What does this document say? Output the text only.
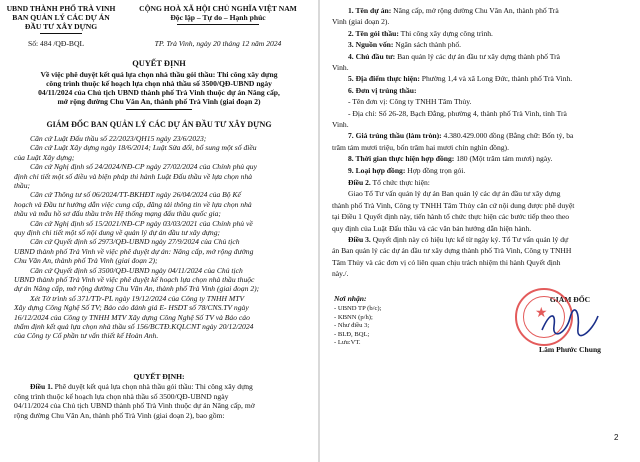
UBND THÀNH PHỐ TRÀ VINH
BAN QUẢN LÝ CÁC DỰ ÁN
ĐẦU TƯ XÂY DỰNG
Số: 484 /QĐ-BQL
CỘNG HOÀ XÃ HỘI CHỦ NGHĨA VIỆT NAM
Độc lập – Tự do – Hạnh phúc
TP. Trà Vinh, ngày 20 tháng 12 năm 2024
QUYẾT ĐỊNH
Về việc phê duyệt kết quả lựa chọn nhà thầu gói thầu: Thi công xây dựng
công trình thuộc kế hoạch lựa chọn nhà thầu số 3500/QĐ-UBND ngày
04/11/2024 của Chủ tịch UBND thành phố Trà Vinh thuộc dự án Nâng cấp,
mở rộng đường Chu Văn An, thành phố Trà Vinh (giai đoạn 2)
GIÁM ĐỐC BAN QUẢN LÝ CÁC DỰ ÁN ĐẦU TƯ XÂY DỰNG
Căn cứ Luật Đấu thầu số 22/2023/QH15 ngày 23/6/2023;
Căn cứ Luật Xây dựng ngày 18/6/2014; Luật Sửa đổi, bổ sung một số điều
của Luật Xây dựng;
Căn cứ Nghị định số 24/2024/NĐ-CP ngày 27/02/2024 của Chính phủ quy
định chi tiết một số điều và biện pháp thi hành Luật Đấu thầu về lựa chọn nhà
thầu;
Căn cứ Thông tư số 06/2024/TT-BKHĐT ngày 26/04/2024 của Bộ Kế
hoạch và Đầu tư hướng dẫn việc cung cấp, đăng tải thông tin về lựa chọn nhà
thầu và mẫu hồ sơ đấu thầu trên Hệ thống mạng đấu thầu quốc gia;
Căn cứ Nghị định số 15/2021/NĐ-CP ngày 03/03/2021 của Chính phủ về
quy định chi tiết một số nội dung về quản lý dự án đầu tư xây dựng;
Căn cứ Quyết định số 2973/QĐ-UBND ngày 27/9/2024 của Chủ tịch
UBND thành phố Trà Vinh về việc phê duyệt dự án: Nâng cấp, mở rộng đường
Chu Văn An, thành phố Trà Vinh (giai đoạn 2);
Căn cứ Quyết định số 3500/QĐ-UBND ngày 04/11/2024 của Chủ tịch
UBND thành phố Trà Vinh về việc phê duyệt kế hoạch lựa chọn nhà thầu thuộc
dự án Nâng cấp, mở rộng đường Chu Văn An, thành phố Trà Vinh (giai đoạn 2);
Xét Tờ trình số 371/TTr-PL ngày 19/12/2024 của Công ty TNHH MTV
Xây dựng Công Nghệ Số TV; Báo cáo đánh giá E- HSDT số 78/CNS.TV ngày
16/12/2024 của Công ty TNHH MTV Xây dựng Công Nghệ Số TV và Báo cáo
thẩm định kết quả lựa chọn nhà thầu số 156/BCTĐ.KQLCNT ngày 20/12/2024
của Công ty Cổ phần tư vấn thiết kế Hoàn Anh.
QUYẾT ĐỊNH:
Điều 1. Phê duyệt kết quả lựa chọn nhà thầu gói thầu: Thi công xây dựng
công trình thuộc kế hoạch lựa chọn nhà thầu số 3500/QĐ-UBND ngày
04/11/2024 của Chủ tịch UBND thành phố Trà Vinh thuộc dự án Nâng cấp, mở
rộng đường Chu Văn An, thành phố Trà Vinh (giai đoạn 2), bao gồm:
1. Tên dự án: Nâng cấp, mở rộng đường Chu Văn An, thành phố Trà
Vinh (giai đoạn 2).
2. Tên gói thầu: Thi công xây dựng công trình.
3. Nguồn vốn: Ngân sách thành phố.
4. Chủ đầu tư: Ban quản lý các dự án đầu tư xây dựng thành phố Trà
Vinh.
5. Địa điểm thực hiện: Phường 1,4 và xã Long Đức, thành phố Trà Vinh.
6. Đơn vị trúng thầu:
- Tên đơn vị: Công ty TNHH Tâm Thủy.
- Địa chỉ: Số 26-28, Bạch Đằng, phường 4, thành phố Trà Vinh, tỉnh Trà
Vinh.
7. Giá trúng thầu (làm tròn): 4.380.429.000 đồng (Bằng chữ: Bốn tỷ, ba
trăm tám mươi triệu, bốn trăm hai mươi chín nghìn đồng).
8. Thời gian thực hiện hợp đồng: 180 (Một trăm tám mươi) ngày.
9. Loại hợp đồng: Hợp đồng trọn gói.
Điều 2. Tổ chức thực hiện:
Giao Tổ Tư vấn quản lý dự án Ban quản lý các dự án đầu tư xây dựng
thành phố Trà Vinh, Công ty TNHH Tâm Thủy căn cứ nội dung được phê duyệt
tại Điều 1 Quyết định này, tiến hành tổ chức thực hiện các bước tiếp theo theo
quy định của Luật Đấu thầu và các văn bản hướng dẫn hiện hành.
Điều 3. Quyết định này có hiệu lực kể từ ngày ký. Tổ Tư vấn quản lý dự
án Ban quản lý các dự án đầu tư xây dựng thành phố Trà Vinh, Công ty TNHH
Tâm Thủy và các đơn vị có liên quan chịu trách nhiệm thi hành Quyết định
này./.
Nơi nhận:
- UBND TP (b/c);
- KBNN (p/h);
- Như điều 3;
- BLĐ, BQL;
- Lưu:VT.
GIÁM ĐỐC
Lâm Phước Chung
★
2
